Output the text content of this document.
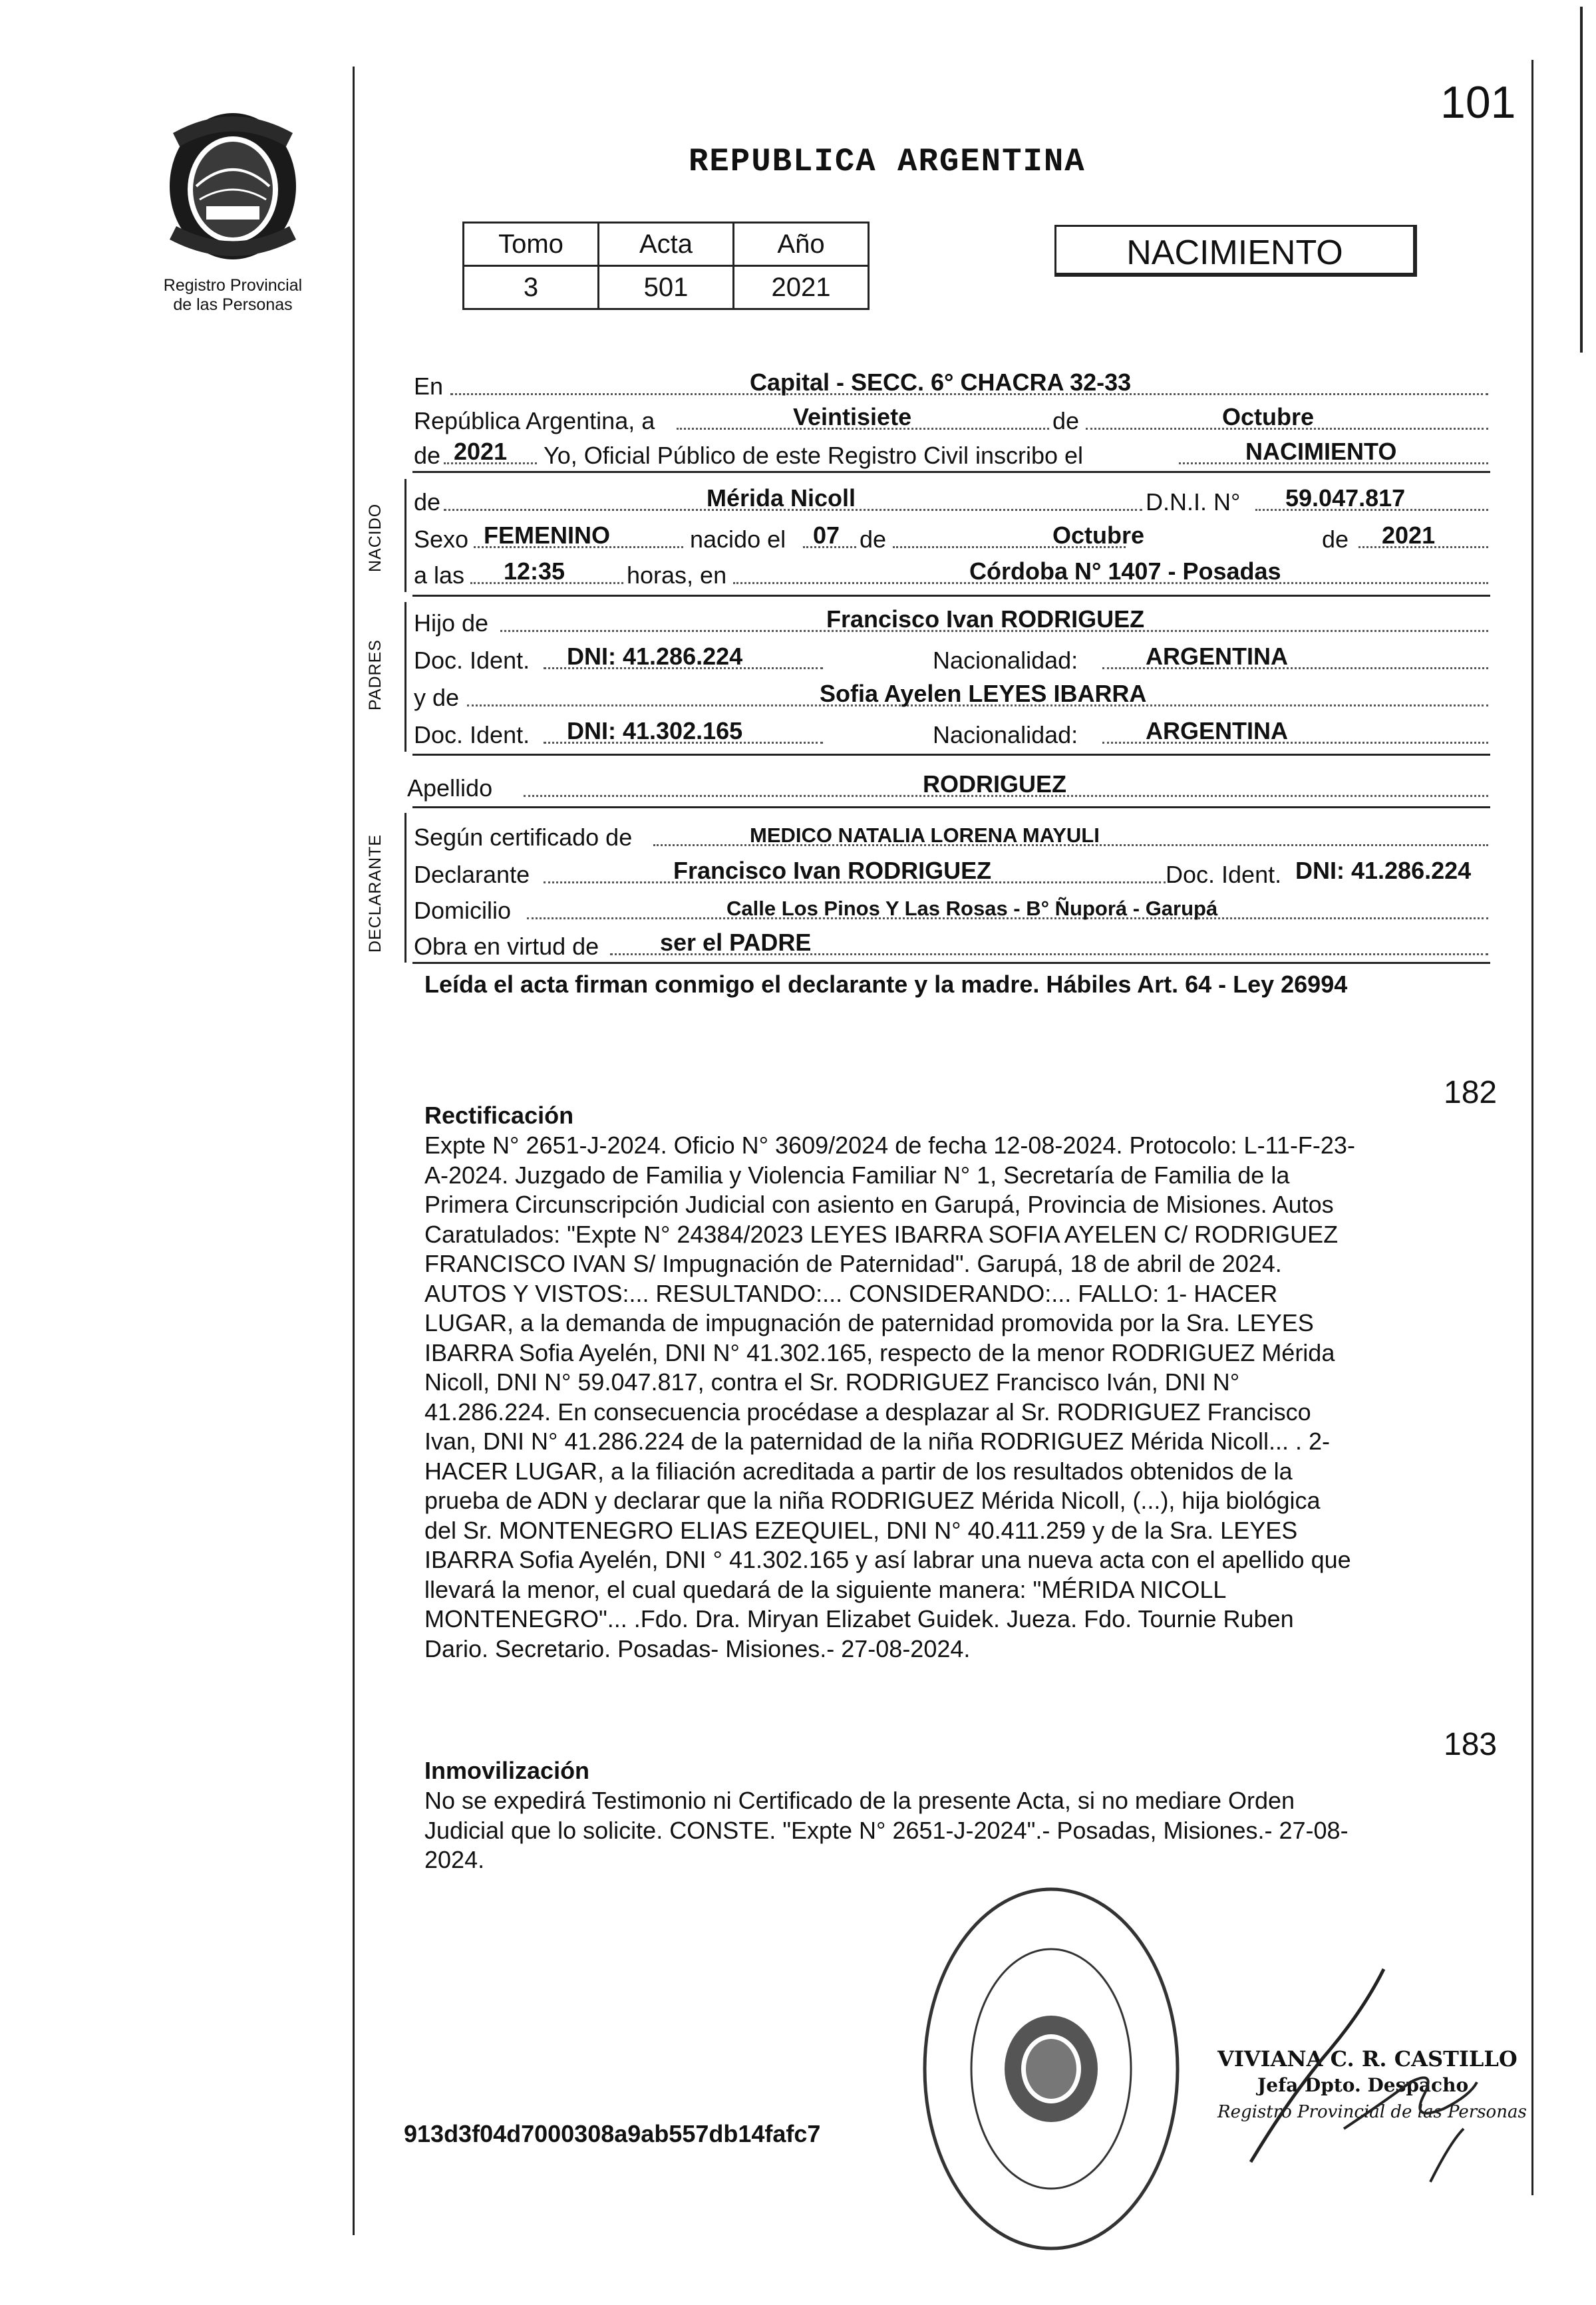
Registro Provincial
de las Personas
REPUBLICA ARGENTINA
101
Tomo	Acta	Año
3	501	2021
NACIMIENTO
En	Capital - SECC. 6° CHACRA 32-33
República Argentina, a	Veintisiete	de	Octubre
de 2021 Yo, Oficial Público de este Registro Civil inscribo el	NACIMIENTO
NACIDO
de	Mérida Nicoll	D.N.I. N° 59.047.817
Sexo FEMENINO	nacido el 07 de	Octubre	de 2021
a las 12:35	horas, en	Córdoba N° 1407 - Posadas
PADRES
Hijo de	Francisco Ivan RODRIGUEZ
Doc. Ident. DNI: 41.286.224	Nacionalidad:	ARGENTINA
y de	Sofia Ayelen LEYES IBARRA
Doc. Ident. DNI: 41.302.165	Nacionalidad:	ARGENTINA
Apellido	RODRIGUEZ
DECLARANTE Según certificado de	MEDICO NATALIA LORENA MAYULI
Declarante	Francisco Ivan RODRIGUEZ	Doc. Ident. DNI: 41.286.224
Domicilio	Calle Los Pinos Y Las Rosas - B° Ñuporá - Garupá
Obra en virtud de	ser el PADRE
Leída el acta firman conmigo el declarante y la madre. Hábiles Art. 64 - Ley 26994
182
Rectificación
Expte N° 2651-J-2024. Oficio N° 3609/2024 de fecha 12-08-2024. Protocolo: L-11-F-23-
A-2024. Juzgado de Familia y Violencia Familiar N° 1, Secretaría de Familia de la
Primera Circunscripción Judicial con asiento en Garupá, Provincia de Misiones. Autos
Caratulados: "Expte N° 24384/2023 LEYES IBARRA SOFIA AYELEN C/ RODRIGUEZ
FRANCISCO IVAN S/ Impugnación de Paternidad". Garupá, 18 de abril de 2024.
AUTOS Y VISTOS:... RESULTANDO:... CONSIDERANDO:... FALLO: 1- HACER
LUGAR, a la demanda de impugnación de paternidad promovida por la Sra. LEYES
IBARRA Sofia Ayelén, DNI N° 41.302.165, respecto de la menor RODRIGUEZ Mérida
Nicoll, DNI N° 59.047.817, contra el Sr. RODRIGUEZ Francisco Iván, DNI N°
41.286.224. En consecuencia procédase a desplazar al Sr. RODRIGUEZ Francisco
Ivan, DNI N° 41.286.224 de la paternidad de la niña RODRIGUEZ Mérida Nicoll... . 2-
HACER LUGAR, a la filiación acreditada a partir de los resultados obtenidos de la
prueba de ADN y declarar que la niña RODRIGUEZ Mérida Nicoll, (...), hija biológica
del Sr. MONTENEGRO ELIAS EZEQUIEL, DNI N° 40.411.259 y de la Sra. LEYES
IBARRA Sofia Ayelén, DNI ° 41.302.165 y así labrar una nueva acta con el apellido que
llevará la menor, el cual quedará de la siguiente manera: "MÉRIDA NICOLL
MONTENEGRO"... .Fdo. Dra. Miryan Elizabet Guidek. Jueza. Fdo. Tournie Ruben
Dario. Secretario. Posadas- Misiones.- 27-08-2024.
183
Inmovilización
No se expedirá Testimonio ni Certificado de la presente Acta, si no mediare Orden
Judicial que lo solicite. CONSTE. "Expte N° 2651-J-2024".- Posadas, Misiones.- 27-08-
2024.
913d3f04d7000308a9ab557db14fafc7
VIVIANA C. R. CASTILLO
Jefa Dpto. Despacho
Registro Provincial de las Personas
